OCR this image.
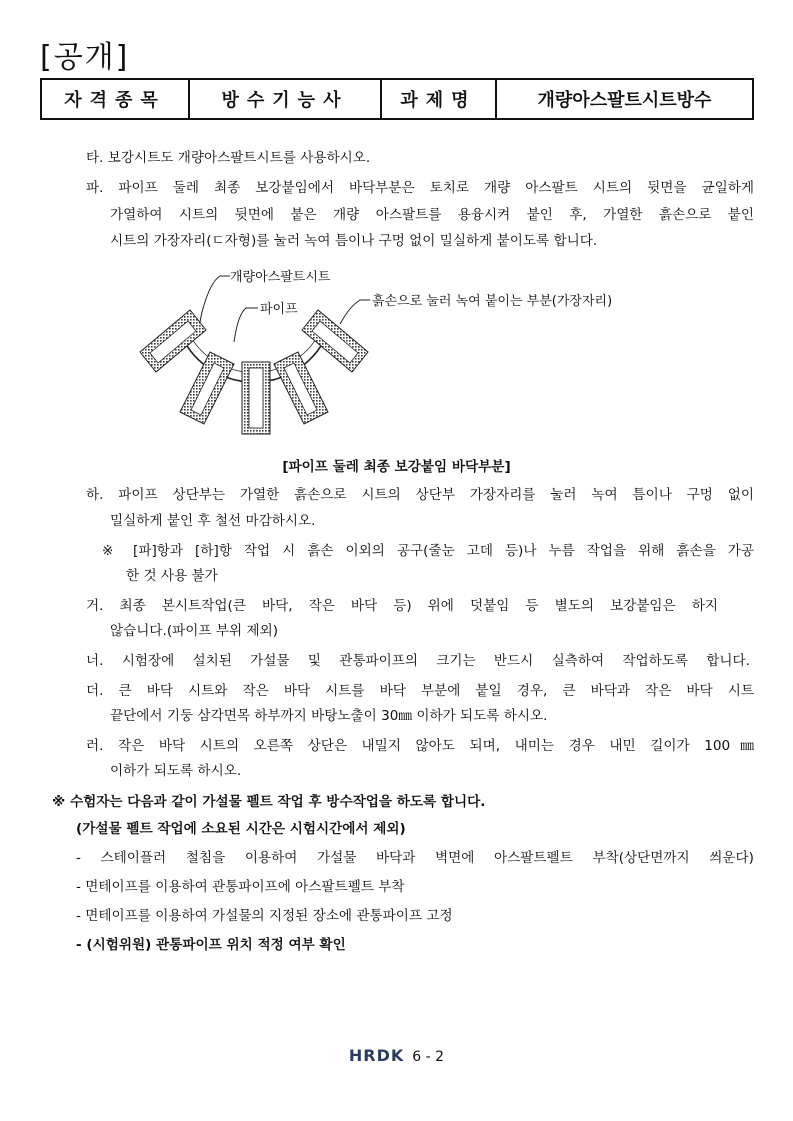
[공개]
자격종목	방수기능사	과제명	개량아스팔트시트방수
타. 보강시트도 개량아스팔트시트를 사용하시오.
파. 파이프 둘레 최종 보강붙임에서 바닥부분은 토치로 개량 아스팔트 시트의 뒷면을 균일하게
가열하여 시트의 뒷면에 붙은 개량 아스팔트를 용융시켜 붙인 후, 가열한 흙손으로 붙인
시트의 가장자리(ㄷ자형)를 눌러 녹여 틈이나 구멍 없이 밀실하게 붙이도록 합니다.
개량아스팔트시트
파이프
흙손으로 눌러 녹여 붙이는 부분(가장자리)
[파이프 둘레 최종 보강붙임 바닥부분]
하. 파이프 상단부는 가열한 흙손으로 시트의 상단부 가장자리를 눌러 녹여 틈이나 구멍 없이
밀실하게 붙인 후 철선 마감하시오.
※ [파]항과 [하]항 작업 시 흙손 이외의 공구(줄눈 고데 등)나 누름 작업을 위해 흙손을 가공
한 것 사용 불가
거. 최종 본시트작업(큰 바닥, 작은 바닥 등) 위에 덧붙임 등 별도의 보강붙임은 하지
않습니다.(파이프 부위 제외)
너. 시험장에 설치된 가설물 및 관통파이프의 크기는 반드시 실측하여 작업하도록 합니다.
더. 큰 바닥 시트와 작은 바닥 시트를 바닥 부분에 붙일 경우, 큰 바닥과 작은 바닥 시트
끝단에서 기둥 삼각면목 하부까지 바탕노출이 30㎜ 이하가 되도록 하시오.
러. 작은 바닥 시트의 오른쪽 상단은 내밀지 않아도 되며, 내미는 경우 내민 길이가 100㎜
이하가 되도록 하시오.
※ 수험자는 다음과 같이 가설물 펠트 작업 후 방수작업을 하도록 합니다.
(가설물 펠트 작업에 소요된 시간은 시험시간에서 제외)
- 스테이플러 철침을 이용하여 가설물 바닥과 벽면에 아스팔트펠트 부착(상단면까지 씌운다)
- 면테이프를 이용하여 관통파이프에 아스팔트펠트 부착
- 면테이프를 이용하여 가설물의 지정된 장소에 관통파이프 고정
- (시험위원) 관통파이프 위치 적정 여부 확인
HRDK 6 - 2
